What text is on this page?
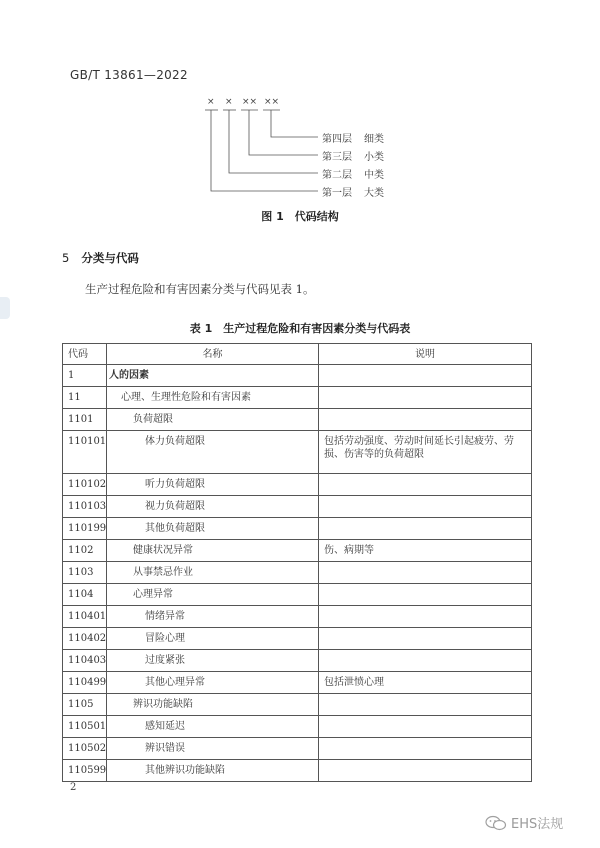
GB/T 13861—2022
× × ×× ××
第四层 细类
第三层 小类
第二层 中类
第一层 大类
图 1　代码结构
5 分类与代码
生产过程危险和有害因素分类与代码见表 1。
表 1　生产过程危险和有害因素分类与代码表
代码	名称	说明
1	人的因素	
11	心理、生理性危险和有害因素	
1101	负荷超限	
110101	体力负荷超限	包括劳动强度、劳动时间延长引起疲劳、劳损、伤害等的负荷超限
110102	听力负荷超限	
110103	视力负荷超限	
110199	其他负荷超限	
1102	健康状况异常	伤、病期等
1103	从事禁忌作业	
1104	心理异常	
110401	情绪异常	
110402	冒险心理	
110403	过度紧张	
110499	其他心理异常	包括泄愤心理
1105	辨识功能缺陷	
110501	感知延迟	
110502	辨识错误	
110599	其他辨识功能缺陷	
2
EHS法规
